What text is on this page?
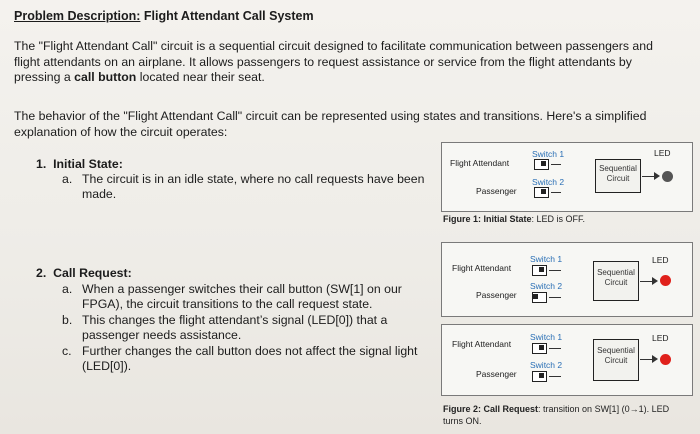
Problem Description: Flight Attendant Call System
The "Flight Attendant Call" circuit is a sequential circuit designed to facilitate communication between passengers and
flight attendants on an airplane. It allows passengers to request assistance or service from the flight attendants by
pressing a call button located near their seat.
The behavior of the "Flight Attendant Call" circuit can be represented using states and transitions. Here's a simplified
explanation of how the circuit operates:
1. Initial State:
a. The circuit is in an idle state, where no call requests have been
made.
2. Call Request:
a. When a passenger switches their call button (SW[1] on our
FPGA), the circuit transitions to the call request state.
b. This changes the flight attendant’s signal (LED[0]) that a
passenger needs assistance.
c. Further changes the call button does not affect the signal light
(LED[0]).
Flight Attendant
Passenger
Switch 1
Switch 2
Sequential
Circuit
LED
Figure 1: Initial State: LED is OFF.
Flight Attendant
Passenger
Switch 1
Switch 2
Sequential
Circuit
LED
Flight Attendant
Passenger
Switch 1
Switch 2
Sequential
Circuit
LED
Figure 2: Call Request: transition on SW[1] (0→1). LED
turns ON.
